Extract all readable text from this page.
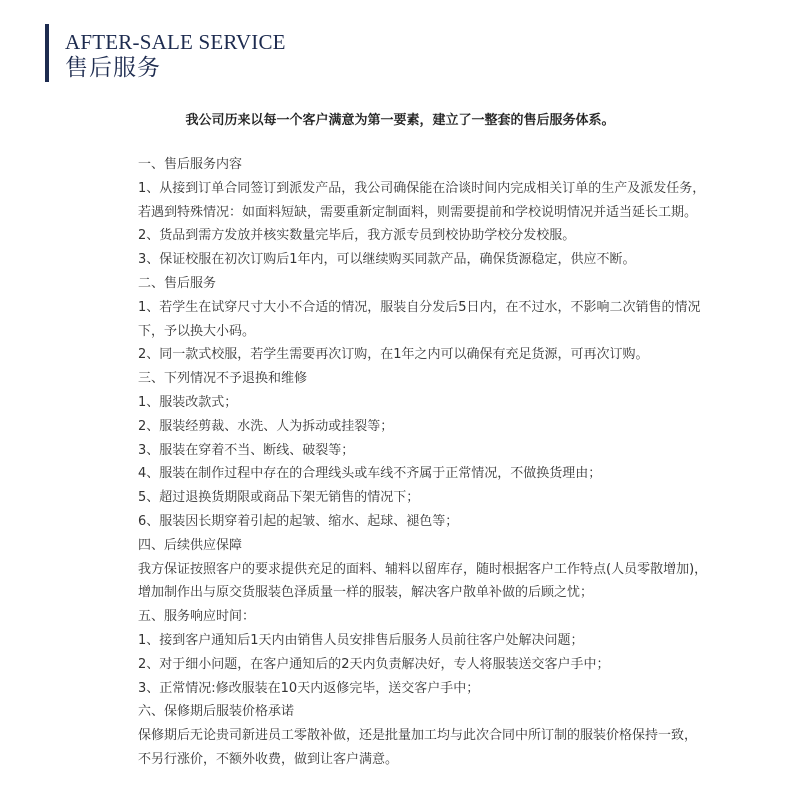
AFTER-SALE SERVICE
售后服务
我公司历来以每一个客户满意为第一要素，建立了一整套的售后服务体系。
一、售后服务内容
1、从接到订单合同签订到派发产品，我公司确保能在洽谈时间内完成相关订单的生产及派发任务，
若遇到特殊情况：如面料短缺，需要重新定制面料，则需要提前和学校说明情况并适当延长工期。
2、货品到需方发放并核实数量完毕后，我方派专员到校协助学校分发校服。
3、保证校服在初次订购后1年内，可以继续购买同款产品，确保货源稳定，供应不断。
二、售后服务
1、若学生在试穿尺寸大小不合适的情况，服装自分发后5日内，在不过水，不影响二次销售的情况
下，予以换大小码。
2、同一款式校服，若学生需要再次订购，在1年之内可以确保有充足货源，可再次订购。
三、下列情况不予退换和维修
1、服装改款式；
2、服装经剪裁、水洗、人为拆动或挂裂等；
3、服装在穿着不当、断线、破裂等；
4、服装在制作过程中存在的合理线头或车线不齐属于正常情况，不做换货理由；
5、超过退换货期限或商品下架无销售的情况下；
6、服装因长期穿着引起的起皱、缩水、起球、褪色等；
四、后续供应保障
我方保证按照客户的要求提供充足的面料、辅料以留库存，随时根据客户工作特点(人员零散增加)，
增加制作出与原交货服装色泽质量一样的服装，解决客户散单补做的后顾之忧；
五、服务响应时间：
1、接到客户通知后1天内由销售人员安排售后服务人员前往客户处解决问题；
2、对于细小问题，在客户通知后的2天内负责解决好，专人将服装送交客户手中；
3、正常情况:修改服装在10天内返修完毕，送交客户手中；
六、保修期后服装价格承诺
保修期后无论贵司新进员工零散补做，还是批量加工均与此次合同中所订制的服装价格保持一致，
不另行涨价，不额外收费，做到让客户满意。
